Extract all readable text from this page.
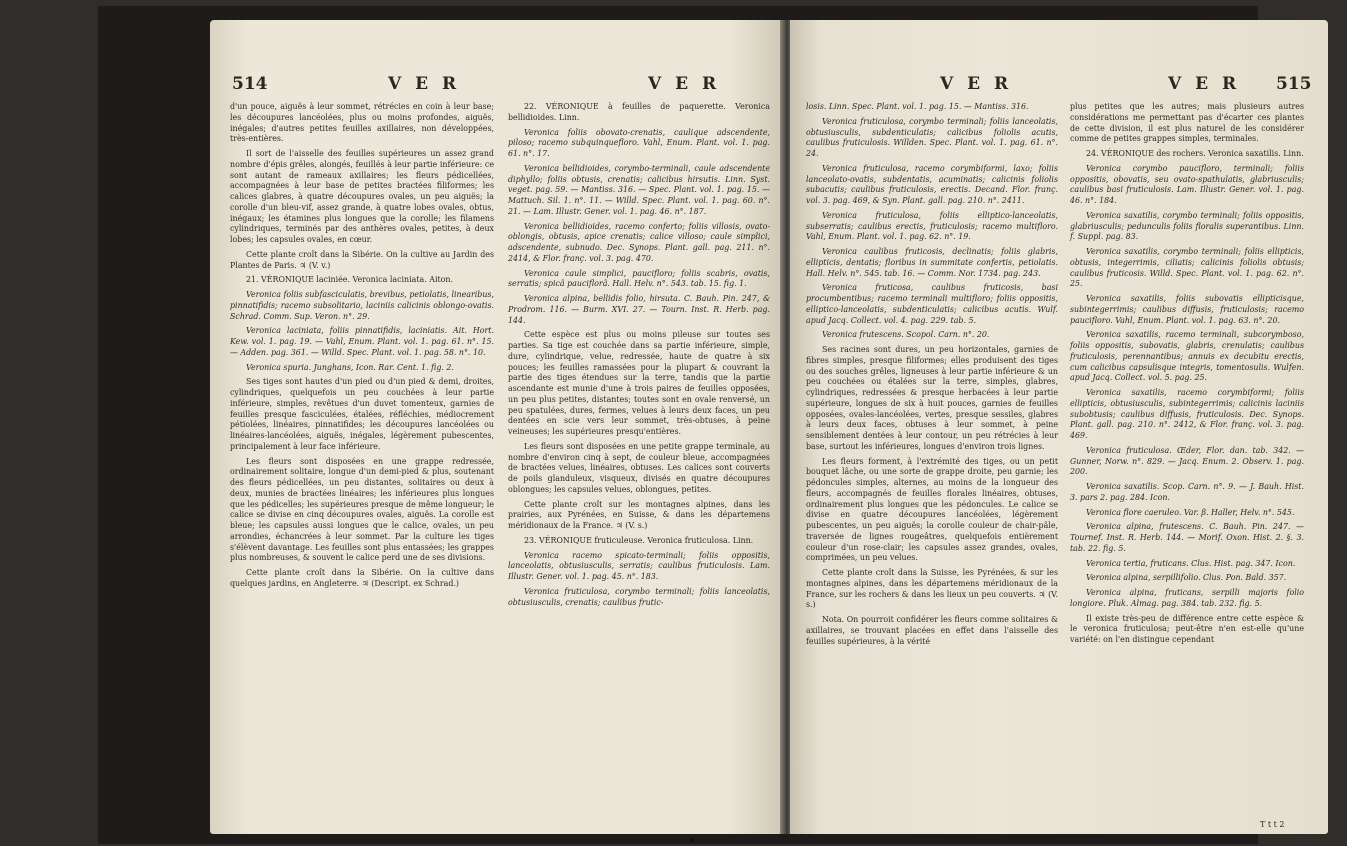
514	V E R	V E R

d'un pouce, aiguës à leur sommet, rétrécies en coin à leur base; les découpures lancéolées, plus ou moins profondes, aiguës, inégales; d'autres petites feuilles axillaires, non développées, très-entières.

Il sort de l'aisselle des feuilles supérieures un assez grand nombre d'épis grêles, alongés, feuillés à leur partie inférieure: ce sont autant de rameaux axillaires; les fleurs pédicellées, accompagnées à leur base de petites bractées filiformes; les calices glabres, à quatre découpures ovales, un peu aiguës; la corolle d'un bleu-vif, assez grande, à quatre lobes ovales, obtus, inégaux; les étamines plus longues que la corolle; les filamens cylindriques, terminés par des anthères ovales, petites, à deux lobes; les capsules ovales, en cœur.

Cette plante croît dans la Sibérie. On la cultive au Jardin des Plantes de Paris. ♃ (V. v.)

21. VÉRONIQUE laciniée. Veronica laciniata. Aiton.

Veronica foliis subfasciculatis, brevibus, petiolatis, linearibus, pinnatifidis; racemo subsolitario, laciniis calicinis oblongo-ovatis. Schrad. Comm. Sup. Veron. n°. 29.

Veronica laciniata, foliis pinnatifidis, laciniatis. Ait. Hort. Kew. vol. 1. pag. 19. — Vahl, Enum. Plant. vol. 1. pag. 61. n°. 15. — Adden. pag. 361. — Willd. Spec. Plant. vol. 1. pag. 58. n°. 10.

Veronica spuria. Junghans, Icon. Rar. Cent. 1. fig. 2.

Ses tiges sont hautes d'un pied ou d'un pied & demi, droites, cylindriques, quelquefois un peu couchées à leur partie inférieure, simples, revêtues d'un duvet tomenteux, garnies de feuilles presque fasciculées, étalées, réfléchies, médiocrement pétiolées, linéaires, pinnatifides; les découpures lancéolées ou linéaires-lancéolées, aiguës, inégales, légèrement pubescentes, principalement à leur face inférieure.

Les fleurs sont disposées en une grappe redressée, ordinairement solitaire, longue d'un demi-pied & plus, soutenant des fleurs pédicellées, un peu distantes, solitaires ou deux à deux, munies de bractées linéaires; les inférieures plus longues que les pédicelles; les supérieures presque de même longueur; le calice se divise en cinq découpures ovales, aiguës. La corolle est bleue; les capsules aussi longues que le calice, ovales, un peu arrondies, échancrées à leur sommet. Par la culture les tiges s'élèvent davantage. Les feuilles sont plus entassées; les grappes plus nombreuses, & souvent le calice perd une de ses divisions.

Cette plante croît dans la Sibérie. On la cultive dans quelques jardins, en Angleterre. ♃ (Descript. ex Schrad.)

22. VÉRONIQUE à feuilles de paquerette. Veronica bellidioides. Linn.

Veronica foliis obovato-crenatis, caulique adscendente, piloso; racemo subquinquefloro. Vahl, Enum. Plant. vol. 1. pag. 61. n°. 17.

Veronica bellidioides, corymbo-terminali, caule adscendente diphyllo; foliis obtusis, crenatis; calicibus hirsutis. Linn. Syst. veget. pag. 59. — Mantiss. 316. — Spec. Plant. vol. 1. pag. 15. — Mattuch. Sil. 1. n°. 11. — Willd. Spec. Plant. vol. 1. pag. 60. n°. 21. — Lam. Illustr. Gener. vol. 1. pag. 46. n°. 187.

Veronica bellidioides, racemo conferto; foliis villosis, ovato-oblongis, obtusis, apice crenatis; calice villoso; caule simplici, adscendente, subnudo. Dec. Synops. Plant. gall. pag. 211. n°. 2414, & Flor. franç. vol. 3. pag. 470.

Veronica caule simplici, paucifloro; foliis scabris, ovatis, serratis; spicâ pauciflorâ. Hall. Helv. n°. 543. tab. 15. fig. 1.

Veronica alpina, bellidis folio, hirsuta. C. Bauh. Pin. 247, & Prodrom. 116. — Burm. XVI. 27. — Tourn. Inst. R. Herb. pag. 144.

Cette espèce est plus ou moins pileuse sur toutes ses parties. Sa tige est couchée dans sa partie inférieure, simple, dure, cylindrique, velue, redressée, haute de quatre à six pouces; les feuilles ramassées pour la plupart & couvrant la partie des tiges étendues sur la terre, tandis que la partie ascendante est munie d'une à trois paires de feuilles opposées, un peu plus petites, distantes; toutes sont en ovale renversé, un peu spatulées, dures, fermes, velues à leurs deux faces, un peu dentées en scie vers leur sommet, très-obtuses, à peine veineuses; les supérieures presqu'entières.

Les fleurs sont disposées en une petite grappe terminale, au nombre d'environ cinq à sept, de couleur bleue, accompagnées de bractées velues, linéaires, obtuses. Les calices sont couverts de poils glanduleux, visqueux, divisés en quatre découpures oblongues; les capsules velues, oblongues, petites.

Cette plante croît sur les montagnes alpines, dans les prairies, aux Pyrénées, en Suisse, & dans les départemens méridionaux de la France. ♃ (V. s.)

23. VÉRONIQUE fruticuleuse. Veronica fruticulosa. Linn.

Veronica racemo spicato-terminali; foliis oppositis, lanceolatis, obtusiusculis, serratis; caulibus fruticulosis. Lam. Illustr. Gener. vol. 1. pag. 45. n°. 183.

Veronica fruticulosa, corymbo terminali; foliis lanceolatis, obtusiusculis, crenatis; caulibus frutic-

V E R	V E R 515

losis. Linn. Spec. Plant. vol. 1. pag. 15. — Mantiss. 316.

Veronica fruticulosa, corymbo terminali; foliis lanceolatis, obtusiusculis, subdenticulatis; calicibus foliolis acutis, caulibus fruticulosis. Willden. Spec. Plant. vol. 1. pag. 61. n°. 24.

Veronica fruticulosa, racemo corymbiformi, laxo; foliis lanceolato-ovatis, subdentatis, acuminatis; calicinis foliolis subacutis; caulibus fruticulosis, erectis. Decand. Flor. franç. vol. 3. pag. 469, & Syn. Plant. gall. pag. 210. n°. 2411.

Veronica fruticulosa, foliis elliptico-lanceolatis, subserratis; caulibus erectis, fruticulosis; racemo multifloro. Vahl, Enum. Plant. vol. 1. pag. 62. n°. 19.

Veronica caulibus fruticosis, declinatis; foliis glabris, ellipticis, dentatis; floribus in summitate confertis, petiolatis. Hall. Helv. n°. 545. tab. 16. — Comm. Nor. 1734. pag. 243.

Veronica fruticosa, caulibus fruticosis, basi procumbentibus; racemo terminali multifloro; foliis oppositis, elliptico-lanceolatis, subdenticulatis; calicibus acutis. Wulf. apud Jacq. Collect. vol. 4. pag. 229. tab. 5.

Veronica frutescens. Scopol. Carn. n°. 20.

Ses racines sont dures, un peu horizontales, garnies de fibres simples, presque filiformes; elles produisent des tiges ou des souches grêles, ligneuses à leur partie inférieure & un peu couchées ou étalées sur la terre, simples, glabres, cylindriques, redressées & presque herbacées à leur partie supérieure, longues de six à huit pouces, garnies de feuilles opposées, ovales-lancéolées, vertes, presque sessiles, glabres à leurs deux faces, obtuses à leur sommet, à peine sensiblement dentées à leur contour, un peu rétrécies à leur base, surtout les inférieures, longues d'environ trois lignes.

Les fleurs forment, à l'extrémité des tiges, ou un petit bouquet lâche, ou une sorte de grappe droite, peu garnie; les pédoncules simples, alternes, au moins de la longueur des fleurs, accompagnés de feuilles florales linéaires, obtuses, ordinairement plus longues que les pédoncules. Le calice se divise en quatre découpures lancéolées, légèrement pubescentes, un peu aiguës; la corolle couleur de chair-pâle, traversée de lignes rougeâtres, quelquefois entièrement couleur d'un rose-clair; les capsules assez grandes, ovales, comprimées, un peu velues.

Cette plante croît dans la Suisse, les Pyrénées, & sur les montagnes alpines, dans les départemens méridionaux de la France, sur les rochers & dans les lieux un peu couverts. ♃ (V. s.)

Nota. On pourroit confidérer les fleurs comme solitaires & axillaires, se trouvant placées en effet dans l'aisselle des feuilles supérieures, à la vérité

plus petites que les autres; mais plusieurs autres considérations me permettant pas d'écarter ces plantes de cette division, il est plus naturel de les considérer comme de petites grappes simples, terminales.

24. VÉRONIQUE des rochers. Veronica saxatilis. Linn.

Veronica corymbo paucifloro, terminali; foliis oppositis, obovatis, seu ovato-spathulatis, glabriusculis; caulibus basi fruticulosis. Lam. Illustr. Gener. vol. 1. pag. 46. n°. 184.

Veronica saxatilis, corymbo terminali; foliis oppositis, glabriusculis; pedunculis foliis floralis superantibus. Linn. f. Suppl. pag. 83.

Veronica saxatilis, corymbo terminali; foliis ellipticis, obtusis, integerrimis, ciliatis; calicinis foliolis obtusis; caulibus fruticosis. Willd. Spec. Plant. vol. 1. pag. 62. n°. 25.

Veronica saxatilis, foliis subovatis ellipticisque, subintegerrimis; caulibus diffusis, fruticulosis; racemo paucifloro. Vahl, Enum. Plant. vol. 1. pag. 63. n°. 20.

Veronica saxatilis, racemo terminali, subcorymboso, foliis oppositis, subovatis, glabris, crenulatis; caulibus fruticulosis, perennantibus; annuis ex decubitu erectis, cum calicibus capsulisque integris, tomentosulis. Wulfen. apud Jacq. Collect. vol. 5. pag. 25.

Veronica saxatilis, racemo corymbiformi; foliis ellipticis, obtusiusculis, subintegerrimis; calicinis laciniis subobtusis; caulibus diffusis, fruticulosis. Dec. Synops. Plant. gall. pag. 210. n°. 2412, & Flor. franç. vol. 3. pag. 469.

Veronica fruticulosa. Œder, Flor. dan. tab. 342. — Gunner, Norw. n°. 829. — Jacq. Enum. 2. Observ. 1. pag. 200.

Veronica saxatilis. Scop. Carn. n°. 9. — J. Bauh. Hist. 3. pars 2. pag. 284. Icon.

Veronica flore caeruleo. Var. β. Haller, Helv. n°. 545.

Veronica alpina, frutescens. C. Bauh. Pin. 247. — Tournef. Inst. R. Herb. 144. — Morif. Oxon. Hist. 2. §. 3. tab. 22. fig. 5.

Veronica tertia, fruticans. Clus. Hist. pag. 347. Icon.

Veronica alpina, serpillifolio. Clus. Pon. Bald. 357.

Veronica alpina, fruticans, serpilli majoris folio longiore. Pluk. Almag. pag. 384. tab. 232. fig. 5.

Il existe très-peu de différence entre cette espèce & le veronica fruticulosa; peut-être n'en est-elle qu'une variété: on l'en distingue cependant

T t t 2
